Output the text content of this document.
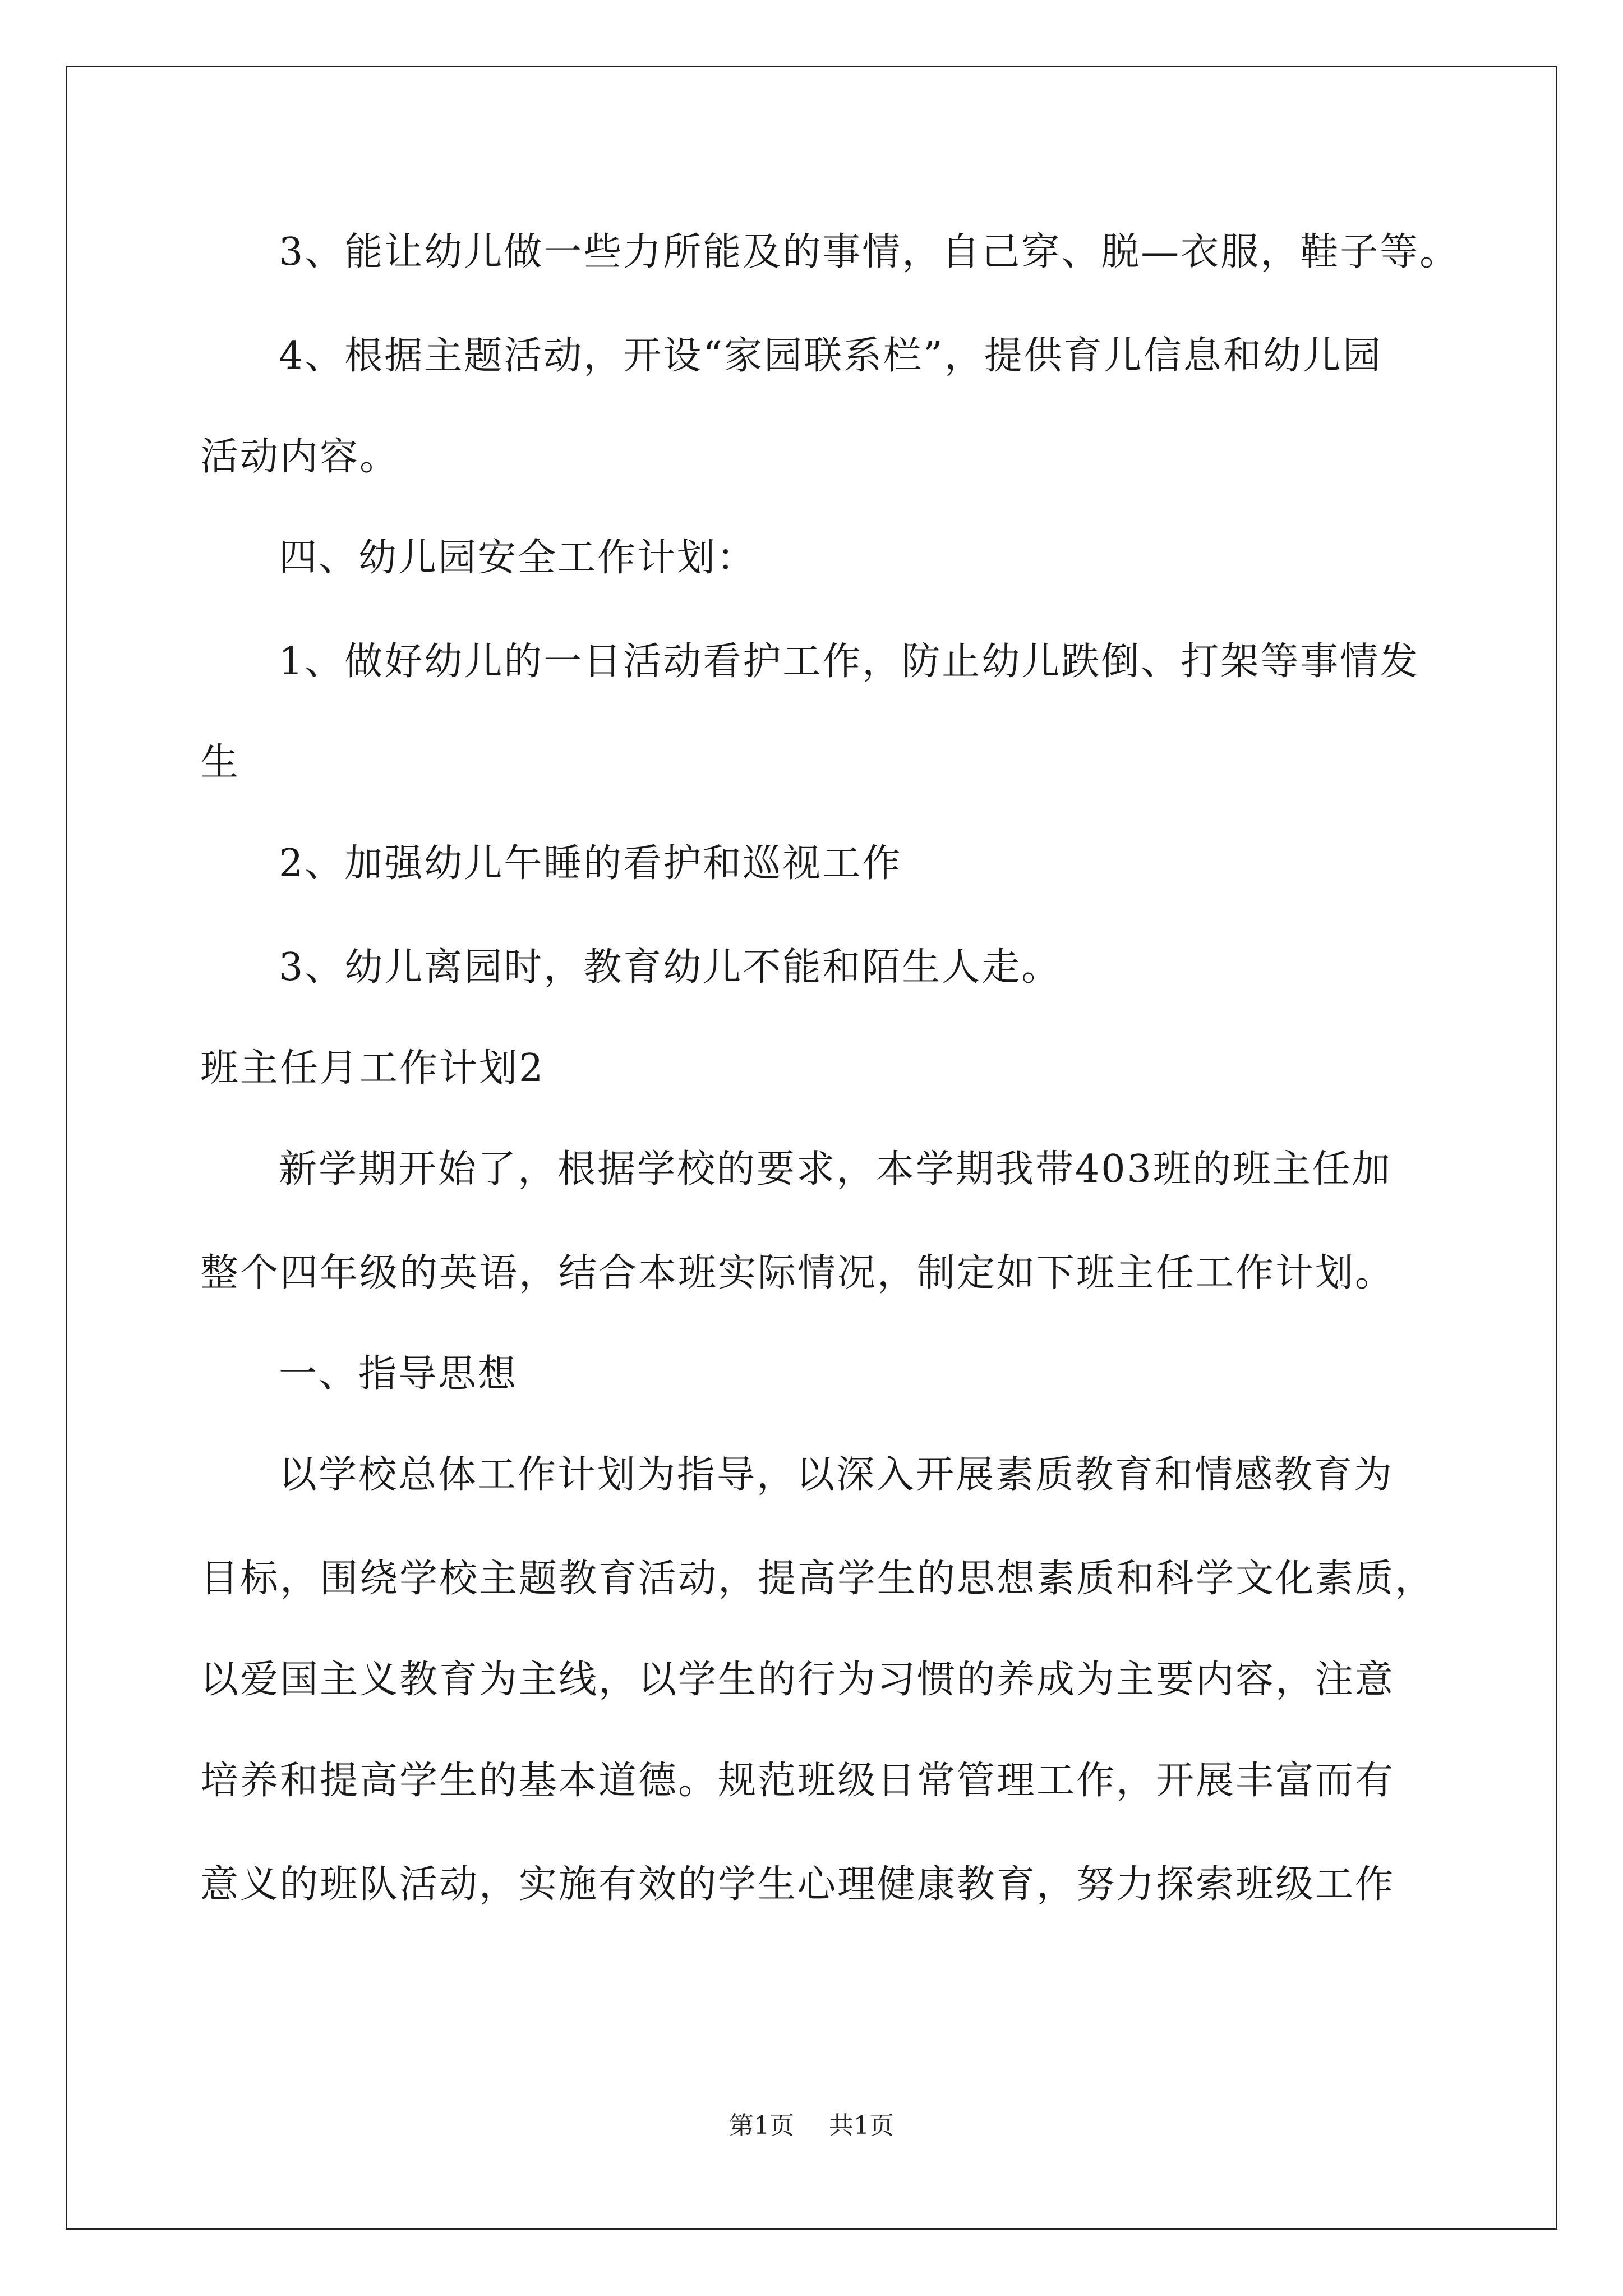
3、能让幼儿做一些力所能及的事情，自己穿、脱—衣服，鞋子等。
4、根据主题活动，开设“家园联系栏”，提供育儿信息和幼儿园
活动内容。
四、幼儿园安全工作计划：
1、做好幼儿的一日活动看护工作，防止幼儿跌倒、打架等事情发
生
2、加强幼儿午睡的看护和巡视工作
3、幼儿离园时，教育幼儿不能和陌生人走。
班主任月工作计划2
新学期开始了，根据学校的要求，本学期我带403班的班主任加
整个四年级的英语，结合本班实际情况，制定如下班主任工作计划。
一、指导思想
以学校总体工作计划为指导，以深入开展素质教育和情感教育为
目标，围绕学校主题教育活动，提高学生的思想素质和科学文化素质，
以爱国主义教育为主线，以学生的行为习惯的养成为主要内容，注意
培养和提高学生的基本道德。规范班级日常管理工作，开展丰富而有
意义的班队活动，实施有效的学生心理健康教育，努力探索班级工作
第1页 共1页
